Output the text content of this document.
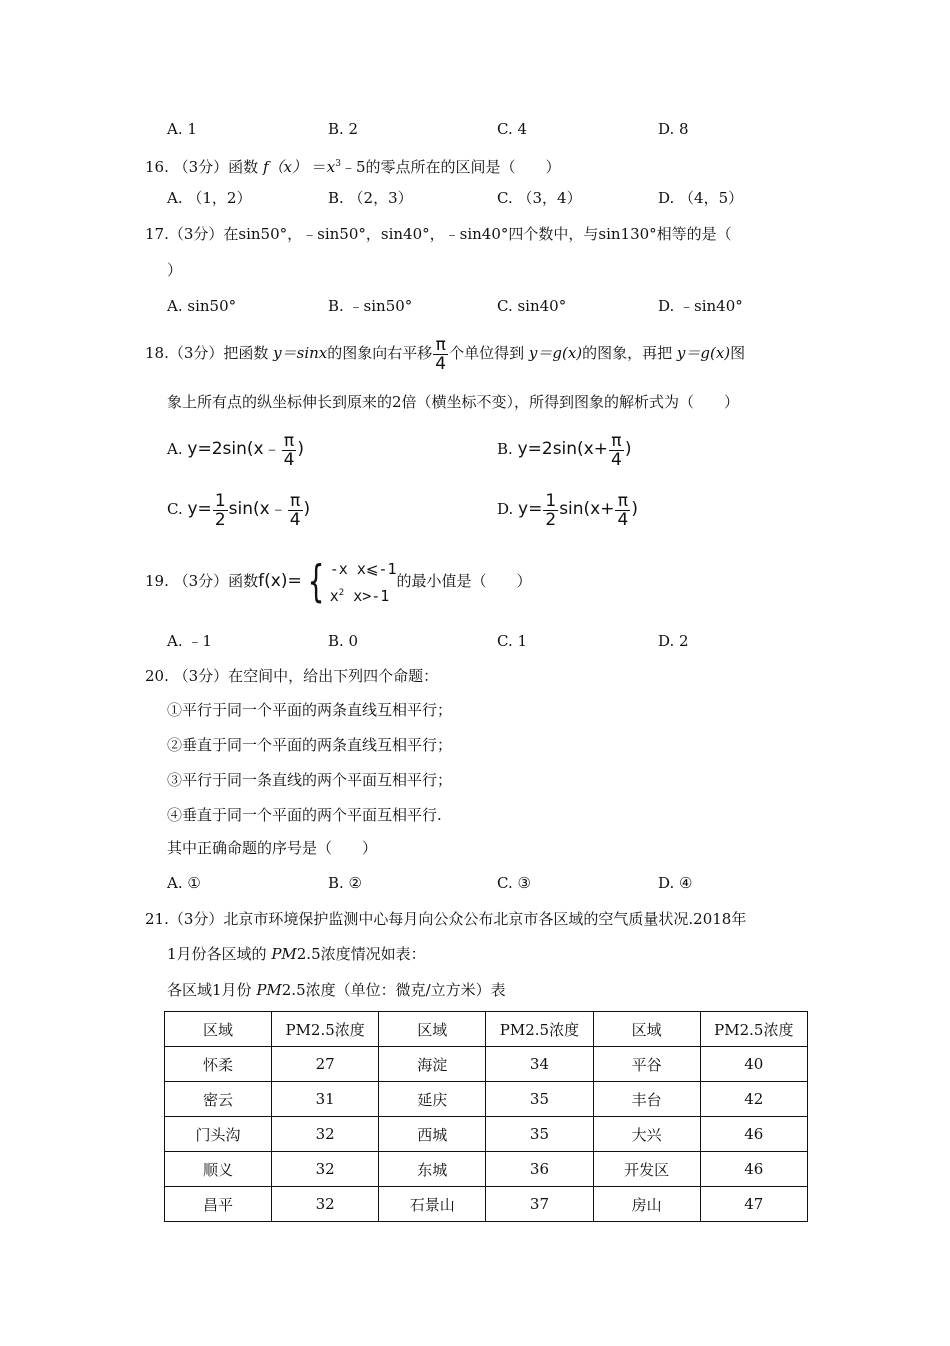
A. 1	B. 2	C. 4	D. 8
16. （3分）函数 $f(x) =x^3﹣5$的零点所在的区间是（　　）
A. （1，2）	B. （2，3）	C. （3，4）	D. （4，5）
17.（3分）在sin50°，﹣sin50°，sin40°，﹣sin40°四个数中，与sin130°相等的是（
）
A. sin50°	B. ﹣sin50°	C. sin40°	D. ﹣sin40°
18.（3分）把函数 y＝sinx的图象向右平移 $\frac{\pi}{4}$ 个单位得到 y＝g(x)的图象，再把 y＝g(x)图
象上所有点的纵坐标伸长到原来的2倍（横坐标不变），所得到图象的解析式为（　　）
A. y=2sin(x﹣ $\frac{\pi}{4}$ )	B. $y=2\sin(x+ \frac{\pi}{4}$ )
C. $y= \frac{1}{2}$ sin(x﹣ $\frac{\pi}{4}$ )	D. $y= \frac{1}{2} \sin(x+ \frac{\pi}{4}$ )
19. （3分）函数f(x)= { -x x⩽-1
$x^2$ x>-1
的最小值是（　　）
A. ﹣1	B. 0	C. 1	D. 2
20. （3分）在空间中，给出下列四个命题：
①平行于同一个平面的两条直线互相平行；
②垂直于同一个平面的两条直线互相平行；
③平行于同一条直线的两个平面互相平行；
④垂直于同一个平面的两个平面互相平行.
其中正确命题的序号是（　　）
A. ①	B. ②	C. ③	D. ④
21.（3分）北京市环境保护监测中心每月向公众公布北京市各区域的空气质量状况.2018年
1月份各区域的 PM2.5浓度情况如表：
各区域1月份 PM2.5浓度（单位：微克/立方米）表
区域	PM2.5浓度	区域	PM2.5浓度	区域	PM2.5浓度
怀柔	27	海淀	34	平谷	40
密云	31	延庆	35	丰台	42
门头沟	32	西城	35	大兴	46
顺义	32	东城	36	开发区	46
昌平	32	石景山	37	房山	47
